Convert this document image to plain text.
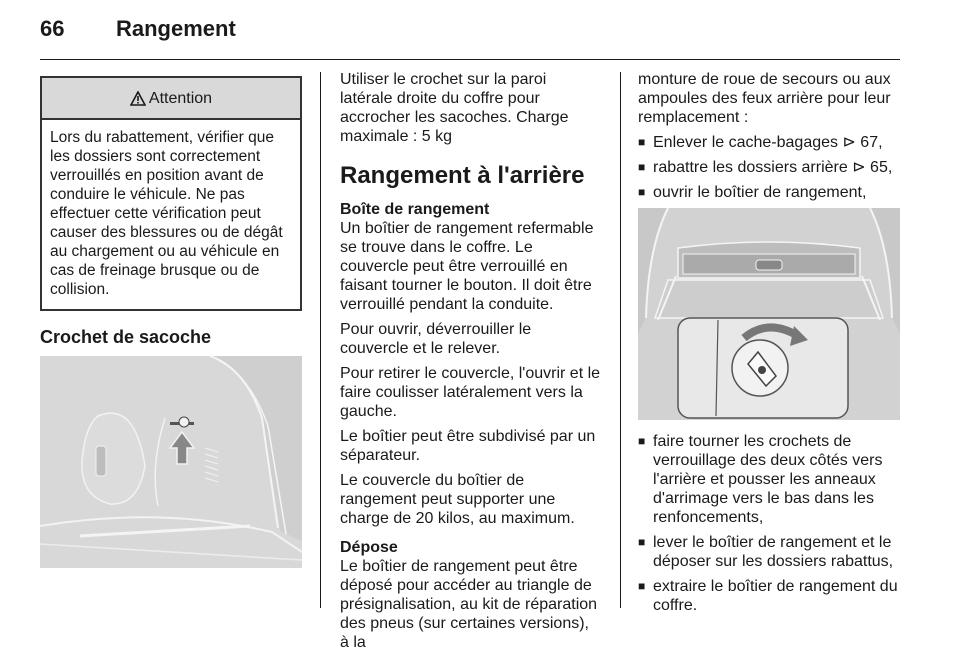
66 Rangement
Attention
Lors du rabattement, vérifier que les dossiers sont correctement verrouillés en position avant de conduire le véhicule. Ne pas effectuer cette vérification peut causer des blessures ou de dégât au chargement ou au véhicule en cas de freinage brusque ou de collision.
Crochet de sacoche

Utiliser le crochet sur la paroi latérale droite du coffre pour accrocher les sacoches. Charge maximale : 5 kg

Rangement à l'arrière
Boîte de rangement

Un boîtier de rangement refermable se trouve dans le coffre. Le couvercle peut être verrouillé en faisant tourner le bouton. Il doit être verrouillé pendant la conduite.

Pour ouvrir, déverrouiller le couvercle et le relever.

Pour retirer le couvercle, l'ouvrir et le faire coulisser latéralement vers la gauche.

Le boîtier peut être subdivisé par un séparateur.

Le couvercle du boîtier de rangement peut supporter une charge de 20 kilos, au maximum.

Dépose

Le boîtier de rangement peut être déposé pour accéder au triangle de présignalisation, au kit de réparation des pneus (sur certaines versions), à la

monture de roue de secours ou aux ampoules des feux arrière pour leur remplacement :

■ Enlever le cache-bagages ⊳ 67,
■ rabattre les dossiers arrière ⊳ 65,
■ ouvrir le boîtier de rangement,
■ faire tourner les crochets de verrouillage des deux côtés vers l'arrière et pousser les anneaux d'arrimage vers le bas dans les renfoncements,
■ lever le boîtier de rangement et le déposer sur les dossiers rabattus,
■ extraire le boîtier de rangement du coffre.
